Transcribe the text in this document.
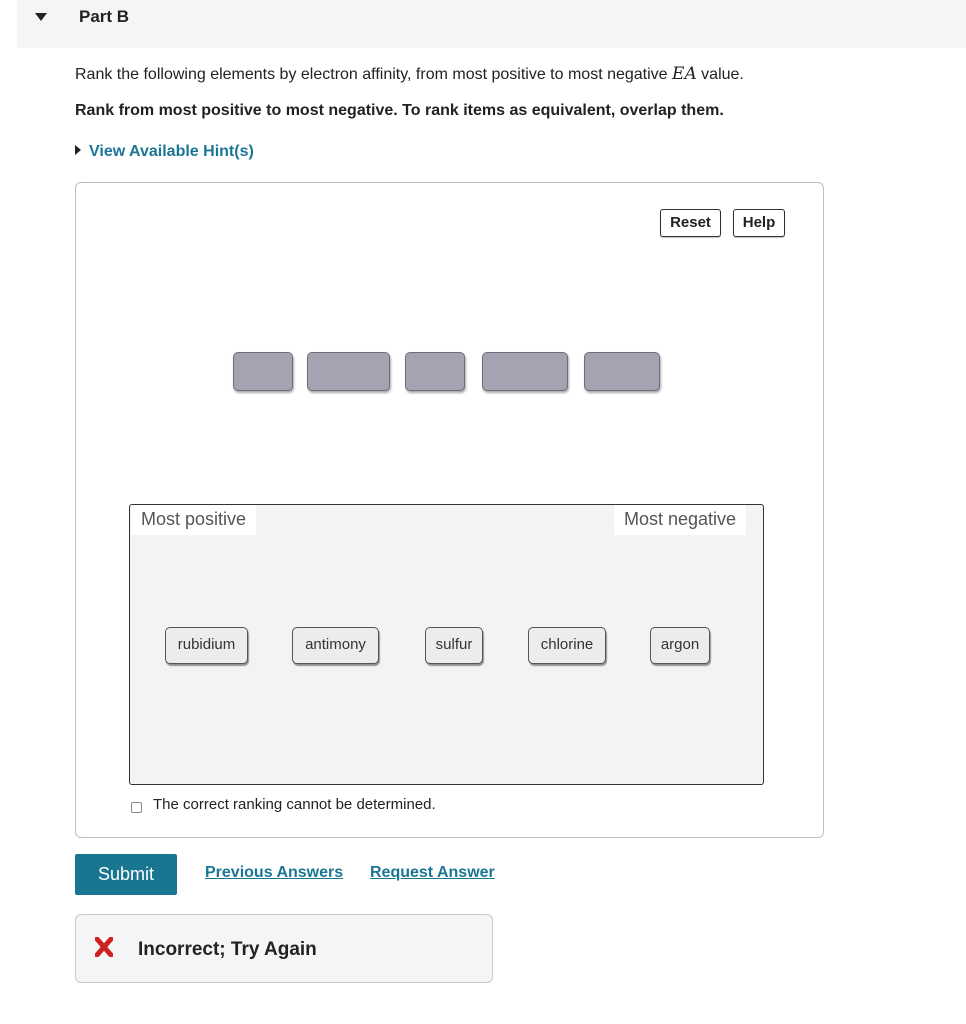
Part B
Rank the following elements by electron affinity, from most positive to most negative EA value.
Rank from most positive to most negative. To rank items as equivalent, overlap them.
View Available Hint(s)
Reset	Help
Most positive	Most negative
rubidium	antimony	sulfur	chlorine	argon
The correct ranking cannot be determined.
Submit	Previous Answers Request Answer
Incorrect; Try Again
